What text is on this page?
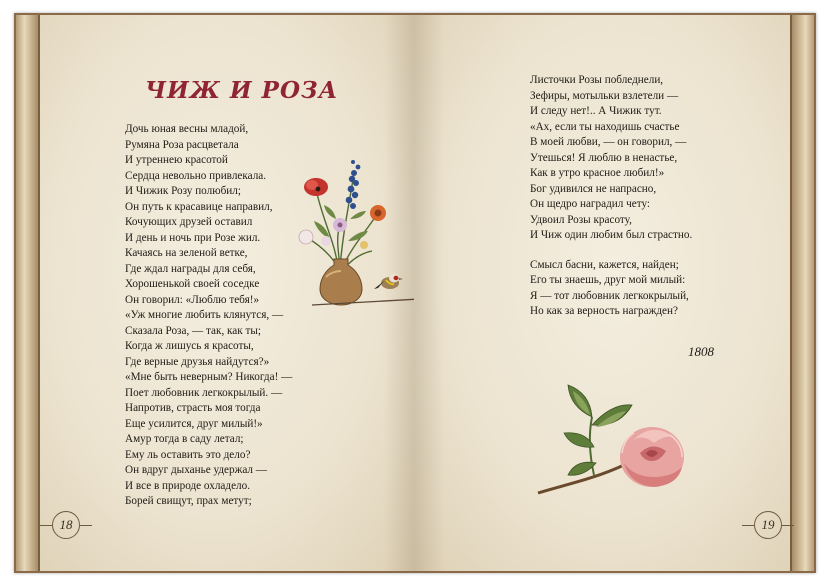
ЧИЖ И РОЗА
Дочь юная весны младой,
Румяна Роза расцветала
И утреннею красотой
Сердца невольно привлекала.
И Чижик Розу полюбил;
Он путь к красавице направил,
Кочующих друзей оставил
И день и ночь при Розе жил.
Качаясь на зеленой ветке,
Где ждал награды для себя,
Хорошенькой своей соседке
Он говорил: «Люблю тебя!»
«Уж многие любить клянутся, —
Сказала Роза, — так, как ты;
Когда ж лишусь я красоты,
Где верные друзья найдутся?»
«Мне быть неверным? Никогда! —
Поет любовник легкокрылый. —
Напротив, страсть моя тогда
Еще усилится, друг милый!»
Амур тогда в саду летал;
Ему ль оставить это дело?
Он вдруг дыханье удержал —
И все в природе охладело.
Борей свищут, прах метут;
18
Листочки Розы побледнели,
Зефиры, мотыльки взлетели —
И следу нет!.. А Чижик тут.
«Ах, если ты находишь счастье
В моей любви, — он говорил, —
Утешься! Я люблю в ненастье,
Как в утро красное любил!»
Бог удивился не напрасно,
Он щедро наградил чету:
Удвоил Розы красоту,
И Чиж один любим был страстно.
Смысл басни, кажется, найден;
Его ты знаешь, друг мой милый:
Я — тот любовник легкокрылый,
Но как за верность награжден?
1808
19
